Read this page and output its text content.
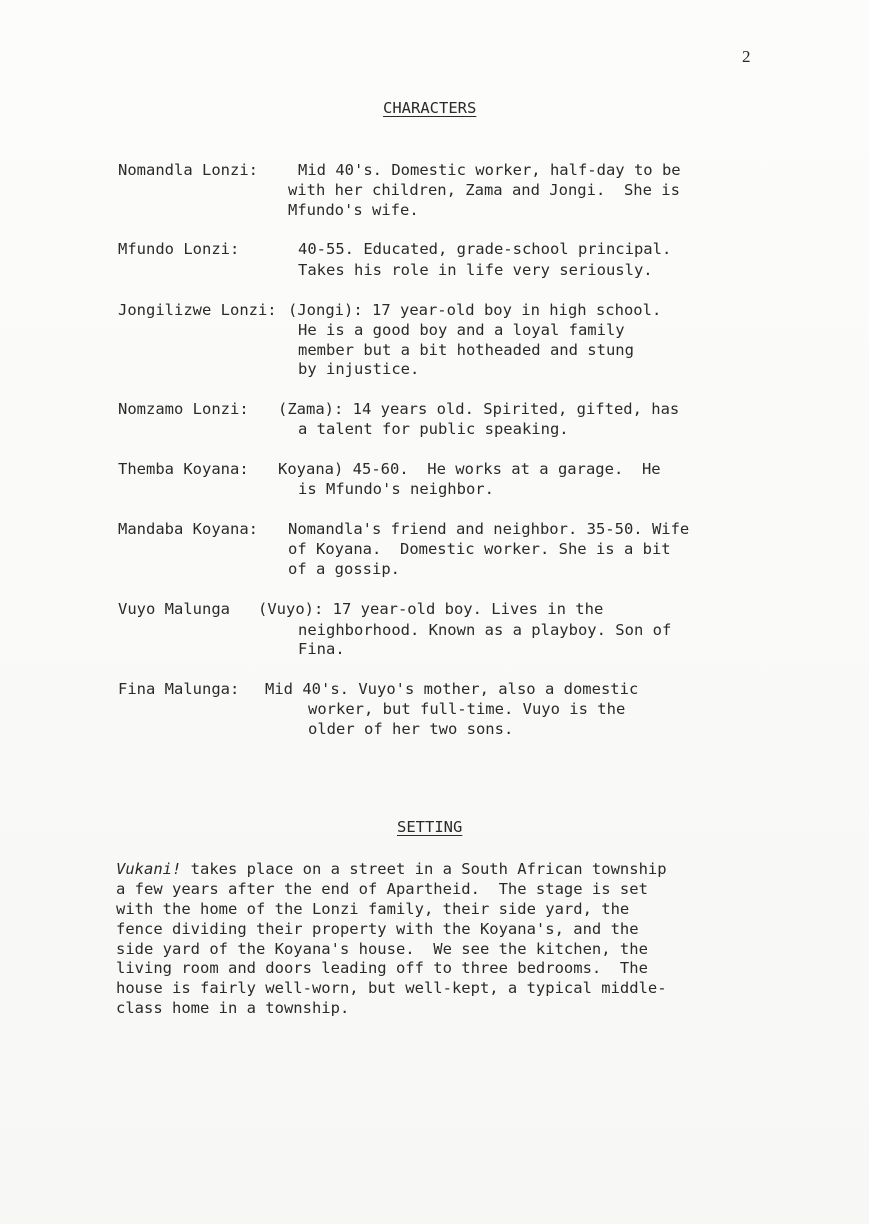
2
CHARACTERS
Nomandla Lonzi:	Mid 40's. Domestic worker, half-day to be
with her children, Zama and Jongi.  She is
Mfundo's wife.
Mfundo Lonzi:	40-55. Educated, grade-school principal.
Takes his role in life very seriously.
Jongilizwe Lonzi: (Jongi): 17 year-old boy in high school.
He is a good boy and a loyal family
member but a bit hotheaded and stung
by injustice.
Nomzamo Lonzi: (Zama): 14 years old. Spirited, gifted, has
a talent for public speaking.
Themba Koyana: Koyana) 45-60.  He works at a garage.  He
is Mfundo's neighbor.
Mandaba Koyana: Nomandla's friend and neighbor. 35-50. Wife
of Koyana.  Domestic worker. She is a bit
of a gossip.
Vuyo Malunga (Vuyo): 17 year-old boy. Lives in the
neighborhood. Known as a playboy. Son of
Fina.
Fina Malunga: Mid 40's. Vuyo's mother, also a domestic
worker, but full-time. Vuyo is the
older of her two sons.
SETTING
Vukani! takes place on a street in a South African township
a few years after the end of Apartheid.  The stage is set
with the home of the Lonzi family, their side yard, the
fence dividing their property with the Koyana's, and the
side yard of the Koyana's house.  We see the kitchen, the
living room and doors leading off to three bedrooms.  The
house is fairly well-worn, but well-kept, a typical middle-
class home in a township.
